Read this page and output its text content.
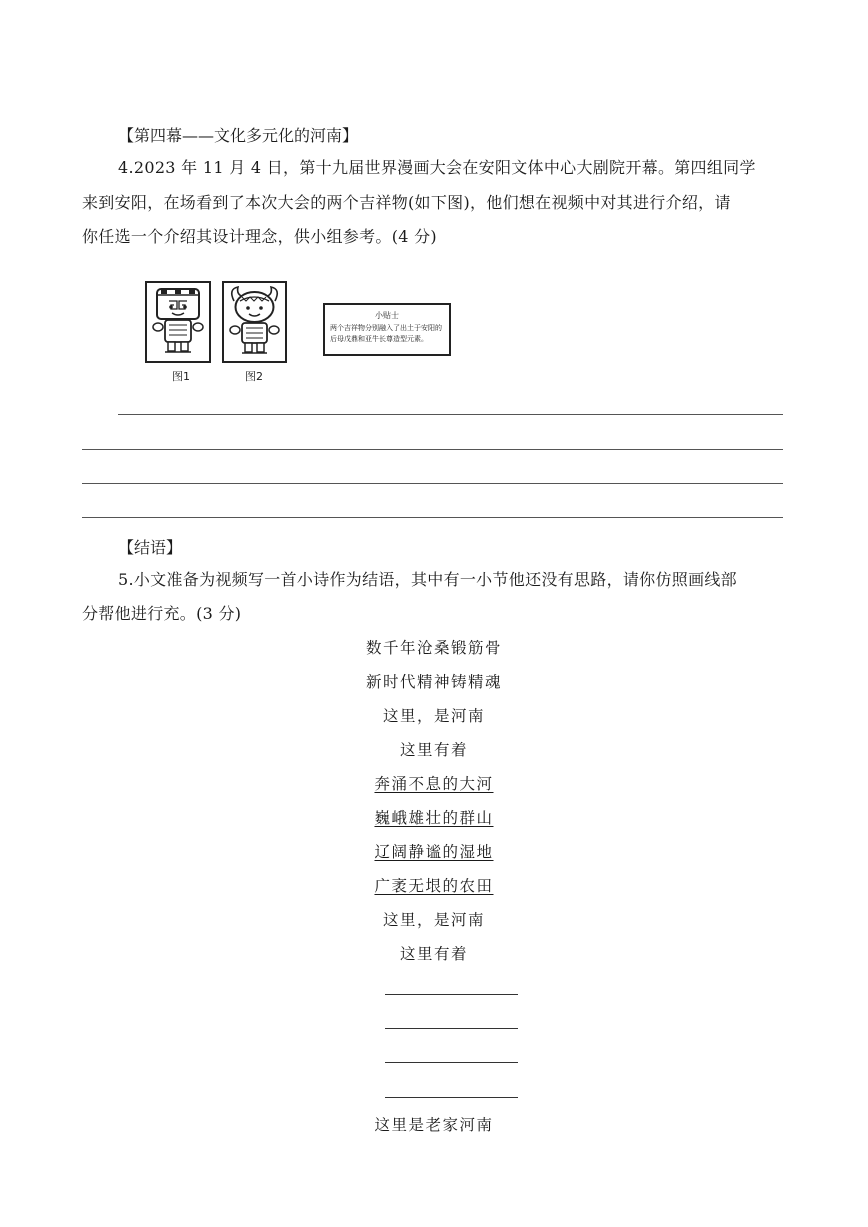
【第四幕——文化多元化的河南】
4.2023 年 11 月 4 日，第十九届世界漫画大会在安阳文体中心大剧院开幕。第四组同学
来到安阳，在场看到了本次大会的两个吉祥物(如下图)，他们想在视频中对其进行介绍，请
你任选一个介绍其设计理念，供小组参考。(4 分)
图1	图2
小贴士
两个吉祥物分别融入了出土于安阳的后母戊鼎和亚牛长尊造型元素。
【结语】
5.小文准备为视频写一首小诗作为结语，其中有一小节他还没有思路，请你仿照画线部
分帮他进行充。(3 分)
数千年沧桑锻筋骨
新时代精神铸精魂
这里，是河南
这里有着
奔涌不息的大河
巍峨雄壮的群山
辽阔静谧的湿地
广袤无垠的农田
这里，是河南
这里有着
这里是老家河南
